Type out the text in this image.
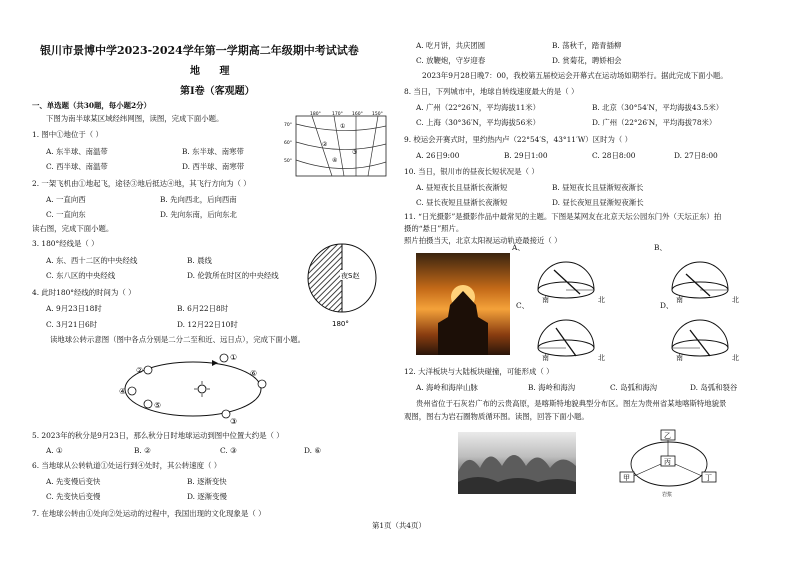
银川市景博中学2023-2024学年第一学期高二年级期中考试试卷
地 理
第Ⅰ卷（客观题）
一、单选题（共30题，每小题2分）
下图为南半球某区域经纬网图，读图，完成下面小题。
1. 图中①地位于（ ）
A. 东半球、南温带	B. 东半球、南寒带
C. 西半球、南温带	D. 西半球、南寒带
2. 一架飞机由①地起飞，途径③地后抵达④地，其飞行方向为（ ）
A. 一直向西	B. 先向西北，后向西南
C. 一直向东	D. 先向东南，后向东北
读右图，完成下面小题。
3. 180°经线是（ ）
A. 东、西十二区的中央经线	B. 晨线
C. 东八区的中央经线	D. 伦敦所在时区的中央经线
4. 此时180°经线的时间为（ ）
A. 9月23日18时	B. 6月22日8时
C. 3月21日6时	D. 12月22日10时
读地球公转示意图（图中各点分别是二分二至和近、远日点），完成下面小题。
5. 2023年的秋分是9月23日，那么秋分日时地球运动到图中位置大约是（ ）
A. ①	B. ②	C. ③	D. ⑥
6. 当地球从公转轨道①处运行到④处时，其公转速度（ ）
A. 先变慢后变快	B. 逐渐变快
C. 先变快后变慢	D. 逐渐变慢
7. 在地球公转由①处向②处运动的过程中，我国出现的文化现象是（ ）
180° 170° 160° 150°
70°
60°
50°
①
②
③
④
夜S赵
180°
①
②
③
④
⑤
⑥
A. 吃月饼，共庆团圆	B. 荡秋千，踏青插柳
C. 放鞭炮，守岁迎春	D. 赏菊花，聘娇相会
2023年9月28日晚7：00，我校第五届校运会开幕式在运动场如期举行。据此完成下面小题。
8. 当日，下列城市中，地球自转线速度最大的是（ ）
A. 广州（22°26′N，平均海拔11米）	B. 北京（30°54′N，平均海拔43.5米）
C. 上海（30°36′N，平均海拔56米）	D. 广州（22°26′N，平均海拔78米）
9. 校运会开赛式时，里约热内卢（22°54′S，43°11′W）区时为（ ）
A. 26日9:00	B. 29日1:00	C. 28日8:00	D. 27日8:00
10. 当日，银川市的昼夜长短状况是（ ）
A. 昼短夜长且昼渐长夜渐短	B. 昼短夜长且昼渐短夜渐长
C. 昼长夜短且昼渐长夜渐短	D. 昼长夜短且昼渐短夜渐长
11. “日光摄影”是摄影作品中最常见的主题。下图是某网友在北京天坛公园东门外（天坛正东）拍
摄的“悬日”照片。
照片拍摄当天，北京太阳视运动轨迹最接近（ ）
南	北	南	北
南	北	南	北
A、	B、
C、	D、
12. 大洋板块与大陆板块碰撞，可能形成（ ）
A. 海岭和海岸山脉	B. 海岭和海沟	C. 岛弧和海沟	D. 岛弧和裂谷
贵州省位于石灰岩广布的云贵高原，是喀斯特地貌典型分布区。图左为贵州省某地喀斯特地貌景
观图，图右为岩石圈物质循环图。读图，回答下面小题。
乙
丙
甲	丁
岩浆
第1页（共4页）
